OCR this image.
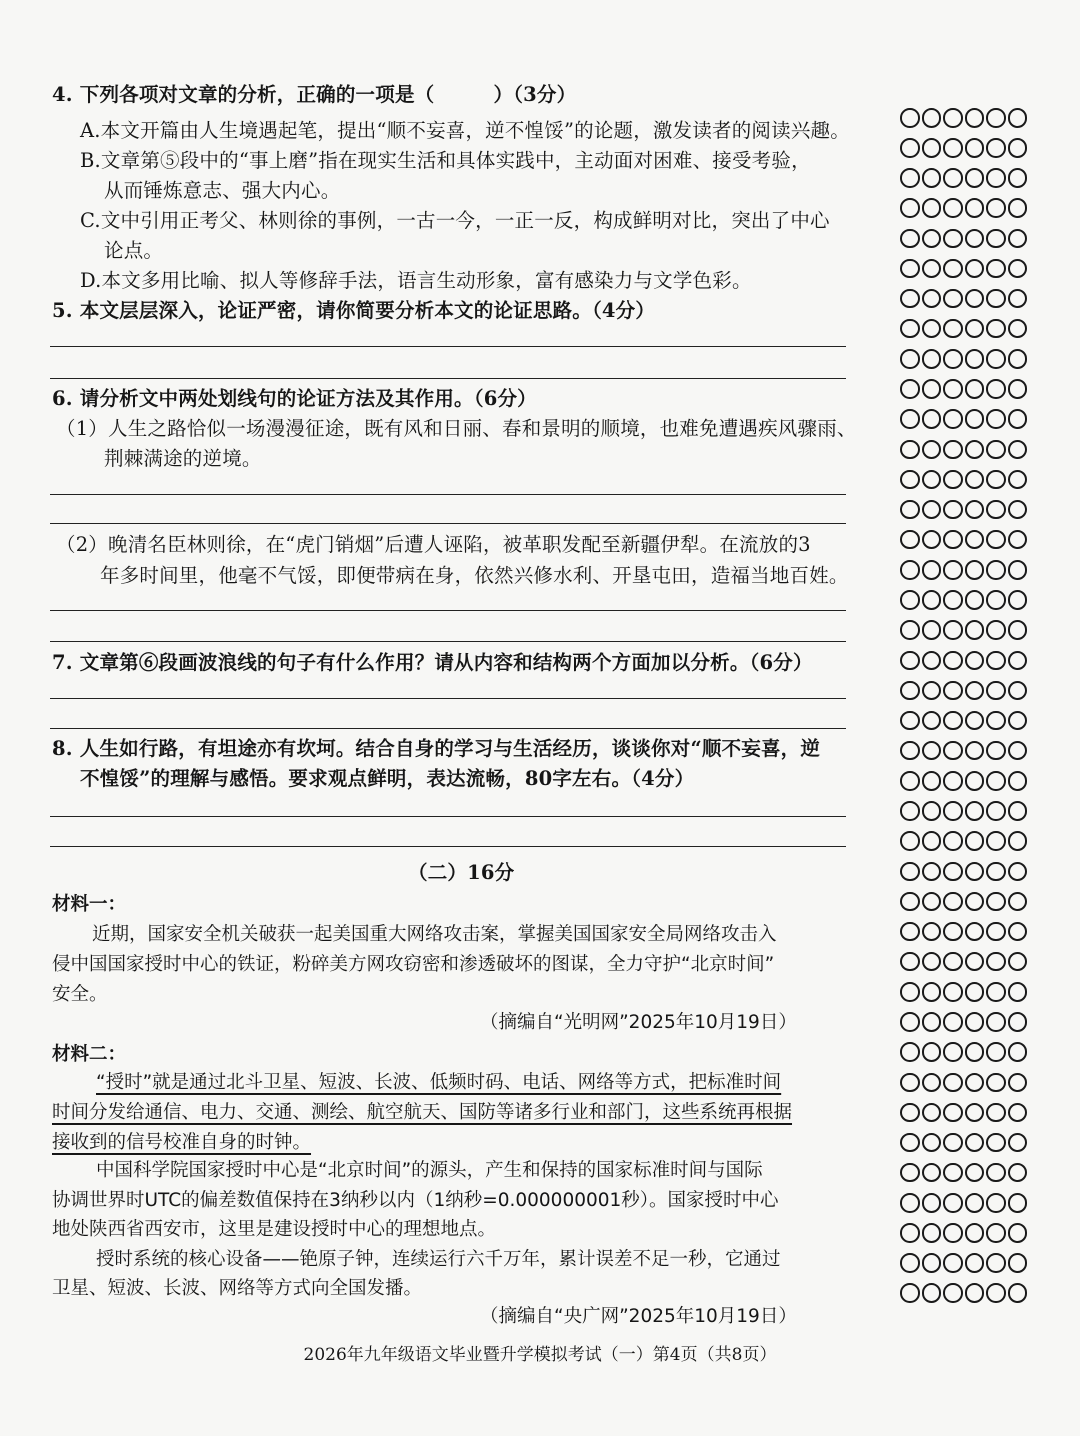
4. 下列各项对文章的分析，正确的一项是（　　　）（3分）
A.本文开篇由人生境遇起笔，提出“顺不妄喜，逆不惶馁”的论题，激发读者的阅读兴趣。
B.文章第⑤段中的“事上磨”指在现实生活和具体实践中，主动面对困难、接受考验，
从而锤炼意志、强大内心。
C.文中引用正考父、林则徐的事例，一古一今，一正一反，构成鲜明对比，突出了中心
论点。
D.本文多用比喻、拟人等修辞手法，语言生动形象，富有感染力与文学色彩。
5. 本文层层深入，论证严密，请你简要分析本文的论证思路。（4分）
6. 请分析文中两处划线句的论证方法及其作用。（6分）
（1）人生之路恰似一场漫漫征途，既有风和日丽、春和景明的顺境，也难免遭遇疾风骤雨、
荆棘满途的逆境。
（2）晚清名臣林则徐，在“虎门销烟”后遭人诬陷，被革职发配至新疆伊犁。在流放的3
年多时间里，他毫不气馁，即便带病在身，依然兴修水利、开垦屯田，造福当地百姓。
7. 文章第⑥段画波浪线的句子有什么作用？请从内容和结构两个方面加以分析。（6分）
8. 人生如行路，有坦途亦有坎坷。结合自身的学习与生活经历，谈谈你对“顺不妄喜，逆
不惶馁”的理解与感悟。要求观点鲜明，表达流畅，80字左右。（4分）
（二）16分
材料一：
近期，国家安全机关破获一起美国重大网络攻击案，掌握美国国家安全局网络攻击入
侵中国国家授时中心的铁证，粉碎美方网攻窃密和渗透破坏的图谋，全力守护“北京时间”
安全。
（摘编自“光明网”2025年10月19日）
材料二：
“授时”就是通过北斗卫星、短波、长波、低频时码、电话、网络等方式，把标准时间
时间分发给通信、电力、交通、测绘、航空航天、国防等诸多行业和部门，这些系统再根据
接收到的信号校准自身的时钟。
中国科学院国家授时中心是“北京时间”的源头，产生和保持的国家标准时间与国际
协调世界时UTC的偏差数值保持在3纳秒以内（1纳秒=0.000000001秒）。国家授时中心
地处陕西省西安市，这里是建设授时中心的理想地点。
授时系统的核心设备——铯原子钟，连续运行六千万年，累计误差不足一秒，它通过
卫星、短波、长波、网络等方式向全国发播。
（摘编自“央广网”2025年10月19日）
2026年九年级语文毕业暨升学模拟考试（一）第4页（共8页）
